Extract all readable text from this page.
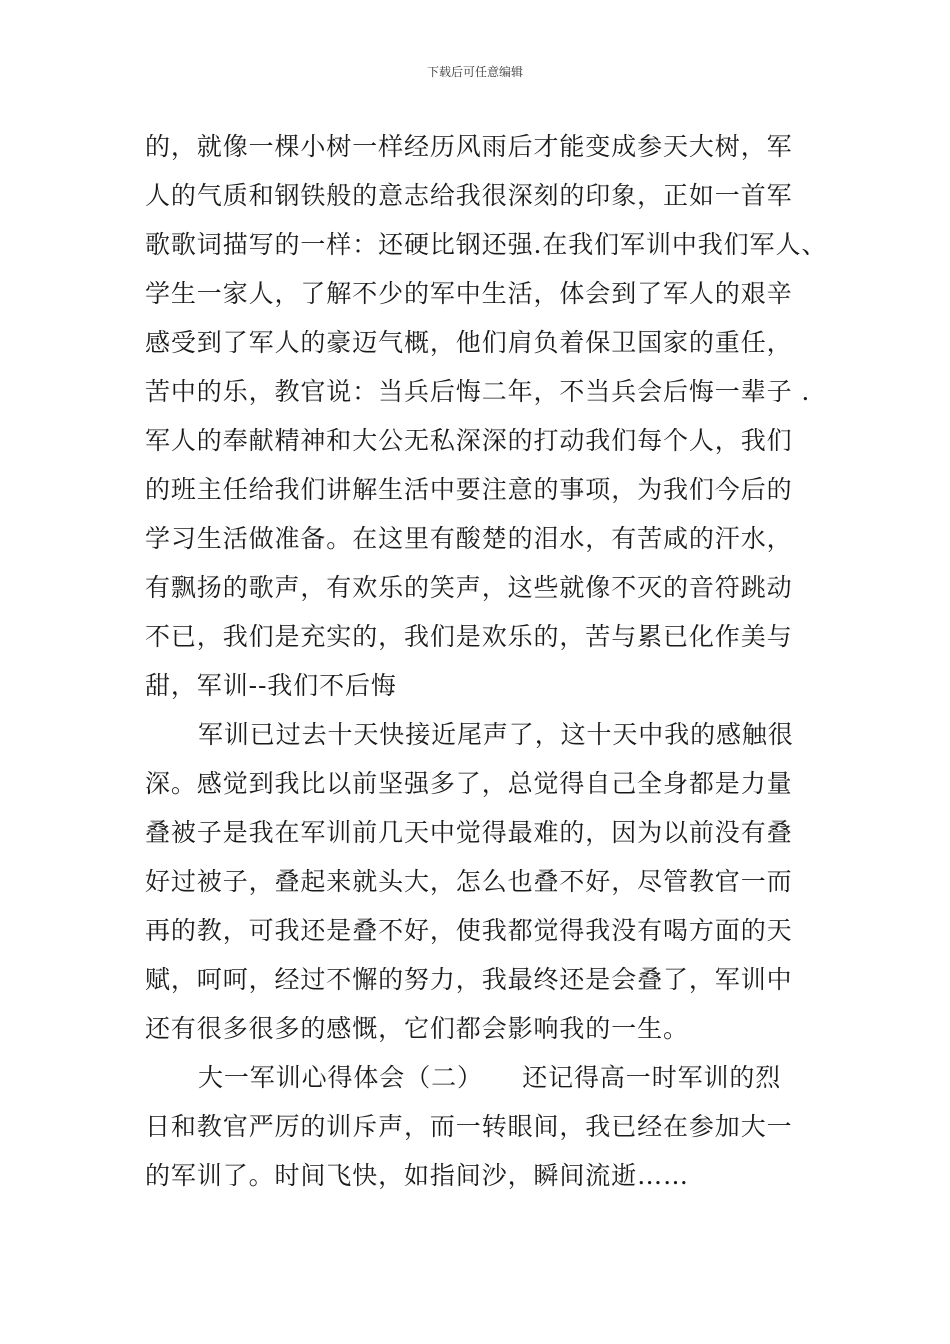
下载后可任意编辑
的，就像一棵小树一样经历风雨后才能变成参天大树，军
人的气质和钢铁般的意志给我很深刻的印象，正如一首军
歌歌词描写的一样：还硬比钢还强.在我们军训中我们军人、
学生一家人，了解不少的军中生活，体会到了军人的艰辛
感受到了军人的豪迈气概，他们肩负着保卫国家的重任，
苦中的乐，教官说：当兵后悔二年，不当兵会后悔一辈子 .
军人的奉献精神和大公无私深深的打动我们每个人，我们
的班主任给我们讲解生活中要注意的事项，为我们今后的
学习生活做准备。在这里有酸楚的泪水，有苦咸的汗水，
有飘扬的歌声，有欢乐的笑声，这些就像不灭的音符跳动
不已，我们是充实的，我们是欢乐的，苦与累已化作美与
甜，军训--我们不后悔
军训已过去十天快接近尾声了，这十天中我的感触很
深。感觉到我比以前坚强多了，总觉得自己全身都是力量
叠被子是我在军训前几天中觉得最难的，因为以前没有叠
好过被子，叠起来就头大，怎么也叠不好，尽管教官一而
再的教，可我还是叠不好，使我都觉得我没有喝方面的天
赋，呵呵，经过不懈的努力，我最终还是会叠了，军训中
还有很多很多的感慨，它们都会影响我的一生。
大一军训心得体会（二）　　还记得高一时军训的烈
日和教官严厉的训斥声，而一转眼间，我已经在参加大一
的军训了。时间飞快，如指间沙，瞬间流逝……
